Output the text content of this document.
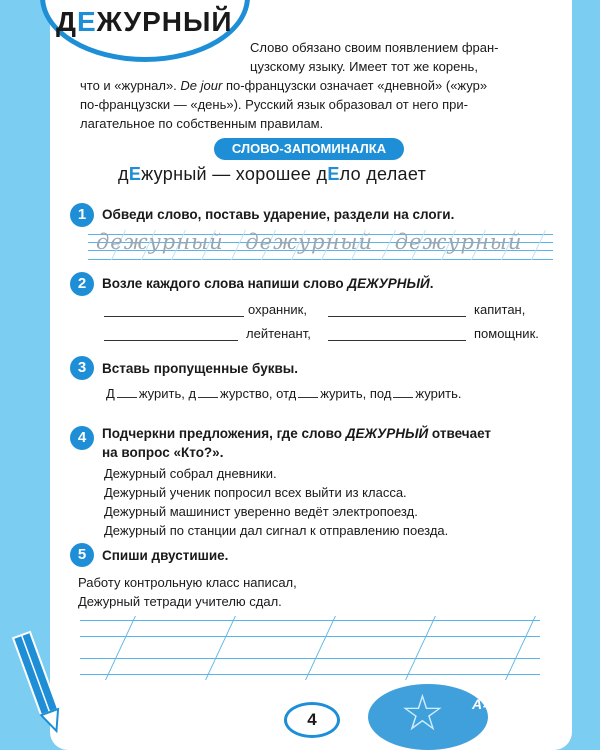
ДЕЖУРНЫЙ
Слово обязано своим появлением фран-
цузскому языку. Имеет тот же корень,
что и «журнал». De jour по-французски означает «дневной» («жур»
по-французски — «день»). Русский язык образовал от него при-
лагательное по собственным правилам.
СЛОВО-ЗАПОМИНАЛКА
дЕжурный — хорошее дЕло делает
1	Обведи слово, поставь ударение, раздели на слоги.
дежурный дежурный дежурный
2	Возле каждого слова напиши слово ДЕЖУРНЫЙ.
охранник,	капитан,
лейтенант,	помощник.
3	Вставь пропущенные буквы.
Д журить, д журство, отд журить, под журить.
4	Подчеркни предложения, где слово ДЕЖУРНЫЙ отвечает
на вопрос «Кто?».
Дежурный собрал дневники.
Дежурный ученик попросил всех выйти из класса.
Дежурный машинист уверенно ведёт электропоезд.
Дежурный по станции дал сигнал к отправлению поезда.
5	Спиши двустишие.
Работу контрольную класс написал,
Дежурный тетради учителю сдал.
☆ A×B
4
